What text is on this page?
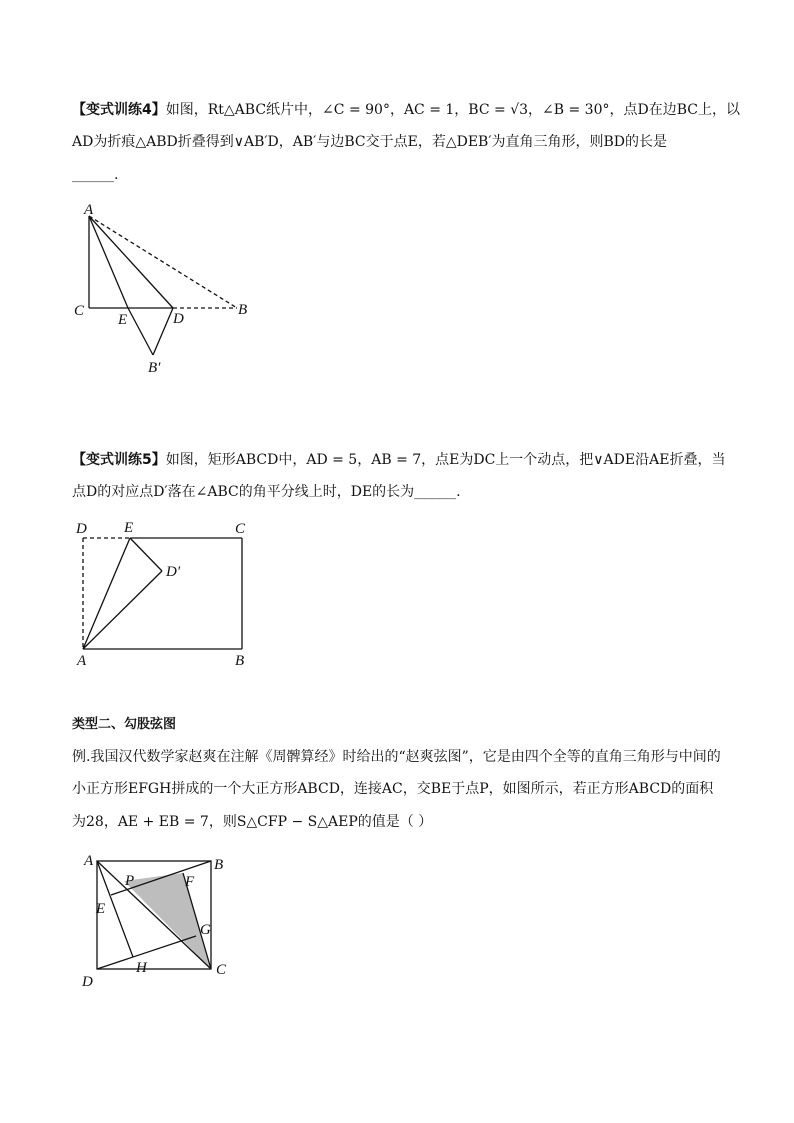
【变式训练4】如图，Rt△ABC纸片中，∠C = 90°，AC = 1，BC = √3，∠B = 30°，点D在边BC上，以
AD为折痕△ABD折叠得到∨AB′D，AB′与边BC交于点E，若△DEB′为直角三角形，则BD的长是
______.
A
C
E	D
B
B′
【变式训练5】如图，矩形ABCD中，AD = 5，AB = 7，点E为DC上一个动点，把∨ADE沿AE折叠，当
点D的对应点D′落在∠ABC的角平分线上时，DE的长为______.
D E	C
D′
A	B
类型二、勾股弦图
例.我国汉代数学家赵爽在注解《周髀算经》时给出的“赵爽弦图”，它是由四个全等的直角三角形与中间的
小正方形EFGH拼成的一个大正方形ABCD，连接AC，交BE于点P，如图所示，若正方形ABCD的面积
为28，AE + EB = 7，则S△CFP − S△AEP的值是（ ）
A	B
P	F
E
G
H	C
D
